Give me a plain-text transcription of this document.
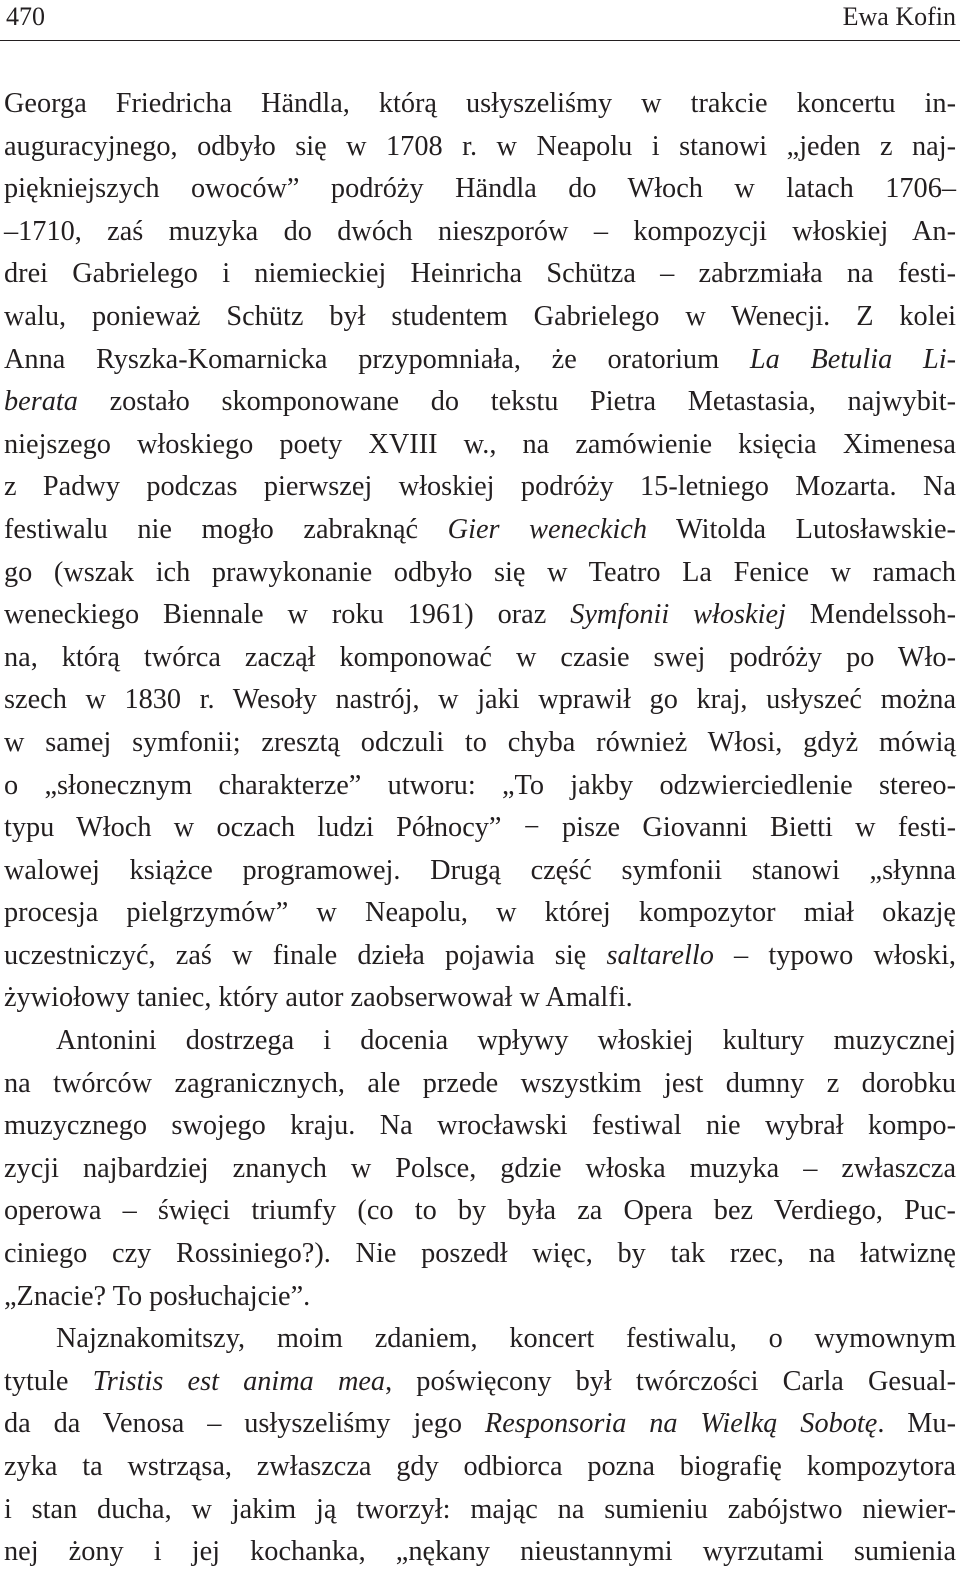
470	Ewa Kofin
Georga Friedricha Händla, którą usłyszeliśmy w trakcie koncertu in-
auguracyjnego, odbyło się w 1708 r. w Neapolu i stanowi „jeden z naj-
piękniejszych owoców” podróży Händla do Włoch w latach 1706–
–1710, zaś muzyka do dwóch nieszporów – kompozycji włoskiej An-
drei Gabrielego i niemieckiej Heinricha Schütza – zabrzmiała na festi-
walu, ponieważ Schütz był studentem Gabrielego w Wenecji. Z kolei
Anna Ryszka-Komarnicka przypomniała, że oratorium La Betulia Li-
berata zostało skomponowane do tekstu Pietra Metastasia, najwybit-
niejszego włoskiego poety XVIII w., na zamówienie księcia Ximenesa
z Padwy podczas pierwszej włoskiej podróży 15-letniego Mozarta. Na
festiwalu nie mogło zabraknąć Gier weneckich Witolda Lutosławskie-
go (wszak ich prawykonanie odbyło się w Teatro La Fenice w ramach
weneckiego Biennale w roku 1961) oraz Symfonii włoskiej Mendelssoh-
na, którą twórca zaczął komponować w czasie swej podróży po Wło-
szech w 1830 r. Wesoły nastrój, w jaki wprawił go kraj, usłyszeć można
w samej symfonii; zresztą odczuli to chyba również Włosi, gdyż mówią
o „słonecznym charakterze” utworu: „To jakby odzwierciedlenie stereo-
typu Włoch w oczach ludzi Północy” − pisze Giovanni Bietti w festi-
walowej książce programowej. Drugą część symfonii stanowi „słynna
procesja pielgrzymów” w Neapolu, w której kompozytor miał okazję
uczestniczyć, zaś w finale dzieła pojawia się saltarello – typowo włoski,
żywiołowy taniec, który autor zaobserwował w Amalfi.
Antonini dostrzega i docenia wpływy włoskiej kultury muzycznej
na twórców zagranicznych, ale przede wszystkim jest dumny z dorobku
muzycznego swojego kraju. Na wrocławski festiwal nie wybrał kompo-
zycji najbardziej znanych w Polsce, gdzie włoska muzyka – zwłaszcza
operowa – święci triumfy (co to by była za Opera bez Verdiego, Puc-
ciniego czy Rossiniego?). Nie poszedł więc, by tak rzec, na łatwiznę
„Znacie? To posłuchajcie”.
Najznakomitszy, moim zdaniem, koncert festiwalu, o wymownym
tytule Tristis est anima mea, poświęcony był twórczości Carla Gesual-
da da Venosa – usłyszeliśmy jego Responsoria na Wielką Sobotę. Mu-
zyka ta wstrząsa, zwłaszcza gdy odbiorca pozna biografię kompozytora
i stan ducha, w jakim ją tworzył: mając na sumieniu zabójstwo niewier-
nej żony i jej kochanka, „nękany nieustannymi wyrzutami sumienia
